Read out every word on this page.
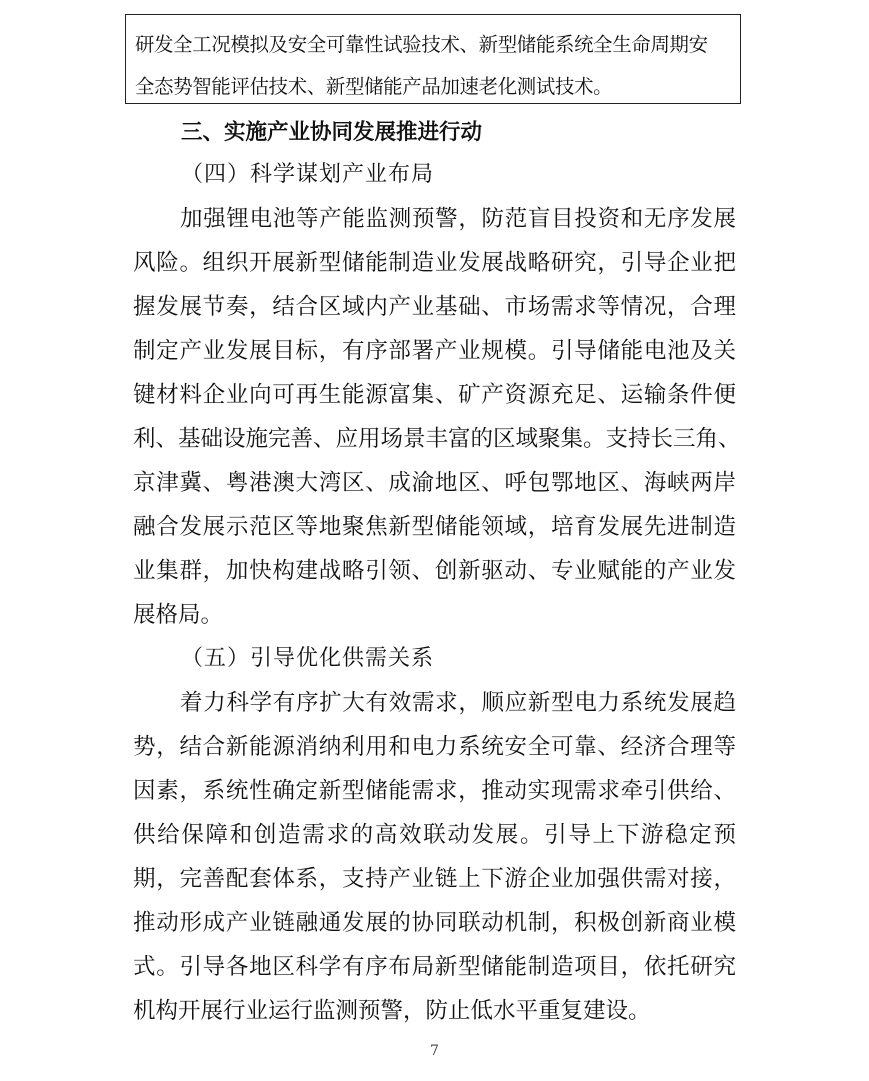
研发全工况模拟及安全可靠性试验技术、新型储能系统全生命周期安
全态势智能评估技术、新型储能产品加速老化测试技术。
三、实施产业协同发展推进行动
（四）科学谋划产业布局
加强锂电池等产能监测预警，防范盲目投资和无序发展
风险。组织开展新型储能制造业发展战略研究，引导企业把
握发展节奏，结合区域内产业基础、市场需求等情况，合理
制定产业发展目标，有序部署产业规模。引导储能电池及关
键材料企业向可再生能源富集、矿产资源充足、运输条件便
利、基础设施完善、应用场景丰富的区域聚集。支持长三角、
京津冀、粤港澳大湾区、成渝地区、呼包鄂地区、海峡两岸
融合发展示范区等地聚焦新型储能领域，培育发展先进制造
业集群，加快构建战略引领、创新驱动、专业赋能的产业发
展格局。
（五）引导优化供需关系
着力科学有序扩大有效需求，顺应新型电力系统发展趋
势，结合新能源消纳利用和电力系统安全可靠、经济合理等
因素，系统性确定新型储能需求，推动实现需求牵引供给、
供给保障和创造需求的高效联动发展。引导上下游稳定预
期，完善配套体系，支持产业链上下游企业加强供需对接，
推动形成产业链融通发展的协同联动机制，积极创新商业模
式。引导各地区科学有序布局新型储能制造项目，依托研究
机构开展行业运行监测预警，防止低水平重复建设。
7
